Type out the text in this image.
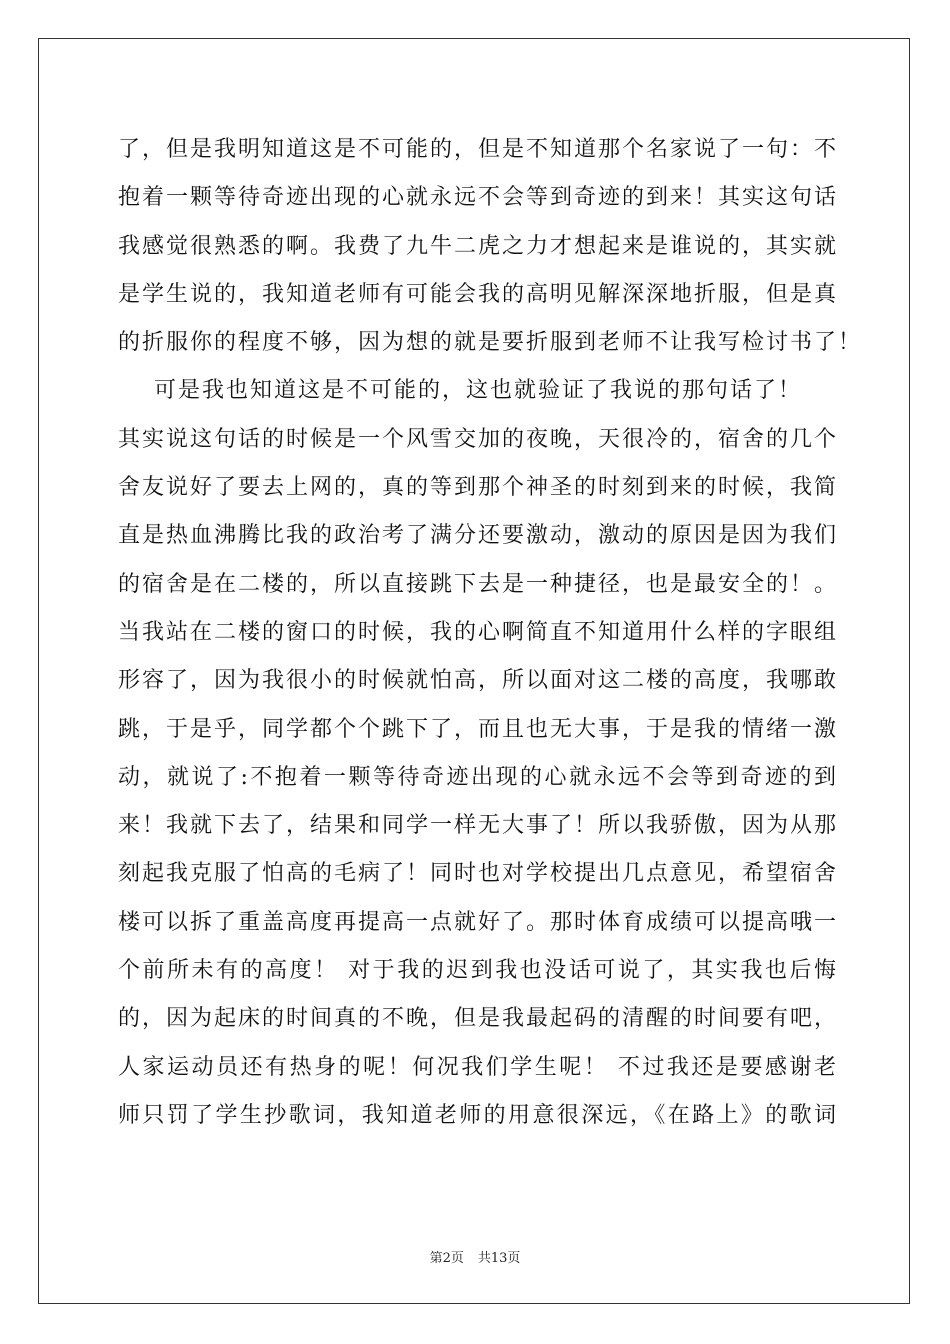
了，但是我明知道这是不可能的，但是不知道那个名家说了一句：不
抱着一颗等待奇迹出现的心就永远不会等到奇迹的到来！其实这句话
我感觉很熟悉的啊。我费了九牛二虎之力才想起来是谁说的，其实就
是学生说的，我知道老师有可能会我的高明见解深深地折服，但是真
的折服你的程度不够，因为想的就是要折服到老师不让我写检讨书了！
可是我也知道这是不可能的，这也就验证了我说的那句话了！
其实说这句话的时候是一个风雪交加的夜晚，天很冷的，宿舍的几个
舍友说好了要去上网的，真的等到那个神圣的时刻到来的时候，我简
直是热血沸腾比我的政治考了满分还要激动，激动的原因是因为我们
的宿舍是在二楼的，所以直接跳下去是一种捷径，也是最安全的！。
当我站在二楼的窗口的时候，我的心啊简直不知道用什么样的字眼组
形容了，因为我很小的时候就怕高，所以面对这二楼的高度，我哪敢
跳，于是乎，同学都个个跳下了，而且也无大事，于是我的情绪一激
动，就说了:不抱着一颗等待奇迹出现的心就永远不会等到奇迹的到
来！我就下去了，结果和同学一样无大事了！所以我骄傲，因为从那
刻起我克服了怕高的毛病了！同时也对学校提出几点意见，希望宿舍
楼可以拆了重盖高度再提高一点就好了。那时体育成绩可以提高哦一
个前所未有的高度！ 对于我的迟到我也没话可说了，其实我也后悔
的，因为起床的时间真的不晚，但是我最起码的清醒的时间要有吧，
人家运动员还有热身的呢！何况我们学生呢！ 不过我还是要感谢老
师只罚了学生抄歌词，我知道老师的用意很深远，《在路上》的歌词
第2页 共13页
